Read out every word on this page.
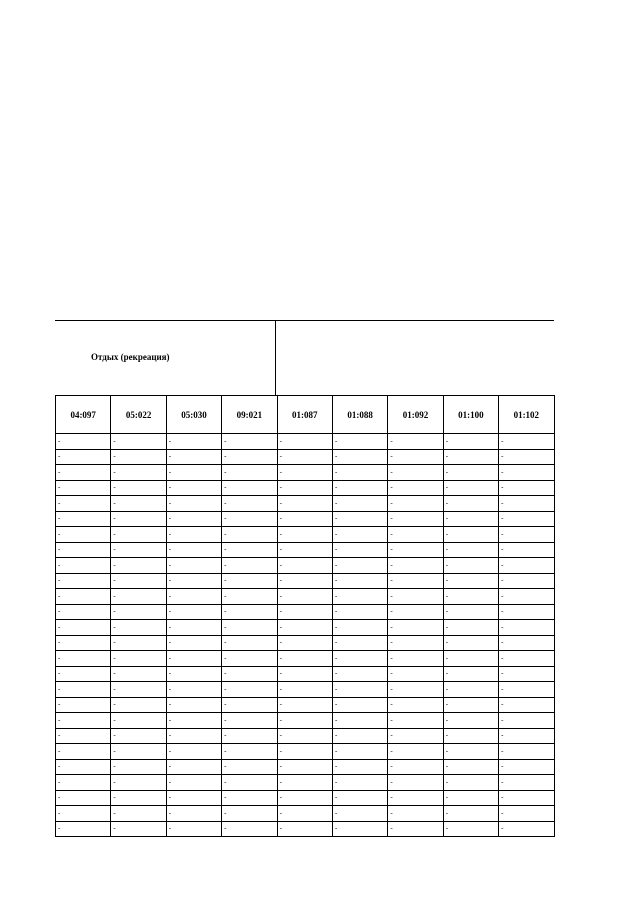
Отдых (рекреация)
04:097	05:022	05:030	09:021	01:087	01:088	01:092	01:100	01:102
-	-	-	-	-	-	-	-	-
-	-	-	-	-	-	-	-	-
-	-	-	-	-	-	-	-	-
-	-	-	-	-	-	-	-	-
-	-	-	-	-	-	-	-	-
-	-	-	-	-	-	-	-	-
-	-	-	-	-	-	-	-	-
-	-	-	-	-	-	-	-	-
-	-	-	-	-	-	-	-	-
-	-	-	-	-	-	-	-	-
-	-	-	-	-	-	-	-	-
-	-	-	-	-	-	-	-	-
-	-	-	-	-	-	-	-	-
-	-	-	-	-	-	-	-	-
-	-	-	-	-	-	-	-	-
-	-	-	-	-	-	-	-	-
-	-	-	-	-	-	-	-	-
-	-	-	-	-	-	-	-	-
-	-	-	-	-	-	-	-	-
-	-	-	-	-	-	-	-	-
-	-	-	-	-	-	-	-	-
-	-	-	-	-	-	-	-	-
-	-	-	-	-	-	-	-	-
-	-	-	-	-	-	-	-	-
-	-	-	-	-	-	-	-	-
-	-	-	-	-	-	-	-	-
